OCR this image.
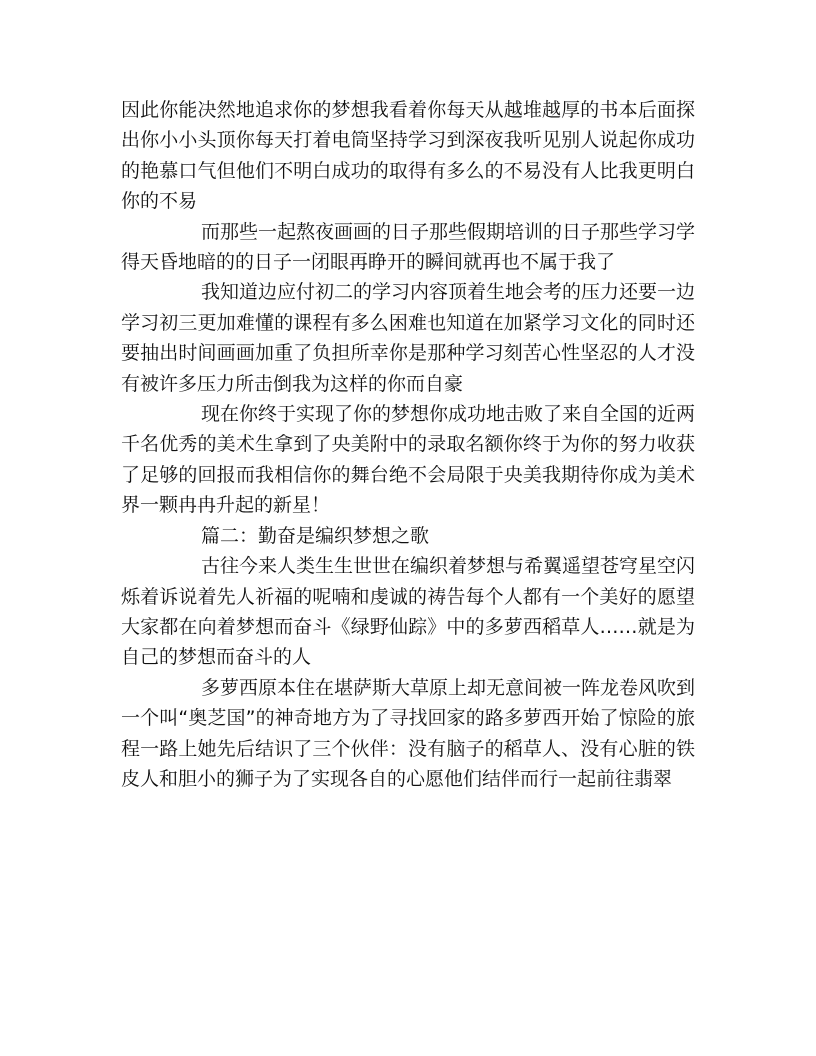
因此你能决然地追求你的梦想我看着你每天从越堆越厚的书本后面探出你小小头顶你每天打着电筒坚持学习到深夜我听见别人说起你成功的艳慕口气但他们不明白成功的取得有多么的不易没有人比我更明白你的不易

而那些一起熬夜画画的日子那些假期培训的日子那些学习学得天昏地暗的的日子一闭眼再睁开的瞬间就再也不属于我了

我知道边应付初二的学习内容顶着生地会考的压力还要一边学习初三更加难懂的课程有多么困难也知道在加紧学习文化的同时还要抽出时间画画加重了负担所幸你是那种学习刻苦心性坚忍的人才没有被许多压力所击倒我为这样的你而自豪

现在你终于实现了你的梦想你成功地击败了来自全国的近两千名优秀的美术生拿到了央美附中的录取名额你终于为你的努力收获了足够的回报而我相信你的舞台绝不会局限于央美我期待你成为美术界一颗冉冉升起的新星！

篇二：勤奋是编织梦想之歌

古往今来人类生生世世在编织着梦想与希翼遥望苍穹星空闪烁着诉说着先人祈福的呢喃和虔诚的祷告每个人都有一个美好的愿望大家都在向着梦想而奋斗《绿野仙踪》中的多萝西稻草人……就是为自己的梦想而奋斗的人

多萝西原本住在堪萨斯大草原上却无意间被一阵龙卷风吹到一个叫“奥芝国”的神奇地方为了寻找回家的路多萝西开始了惊险的旅程一路上她先后结识了三个伙伴：没有脑子的稻草人、没有心脏的铁皮人和胆小的狮子为了实现各自的心愿他们结伴而行一起前往翡翠
